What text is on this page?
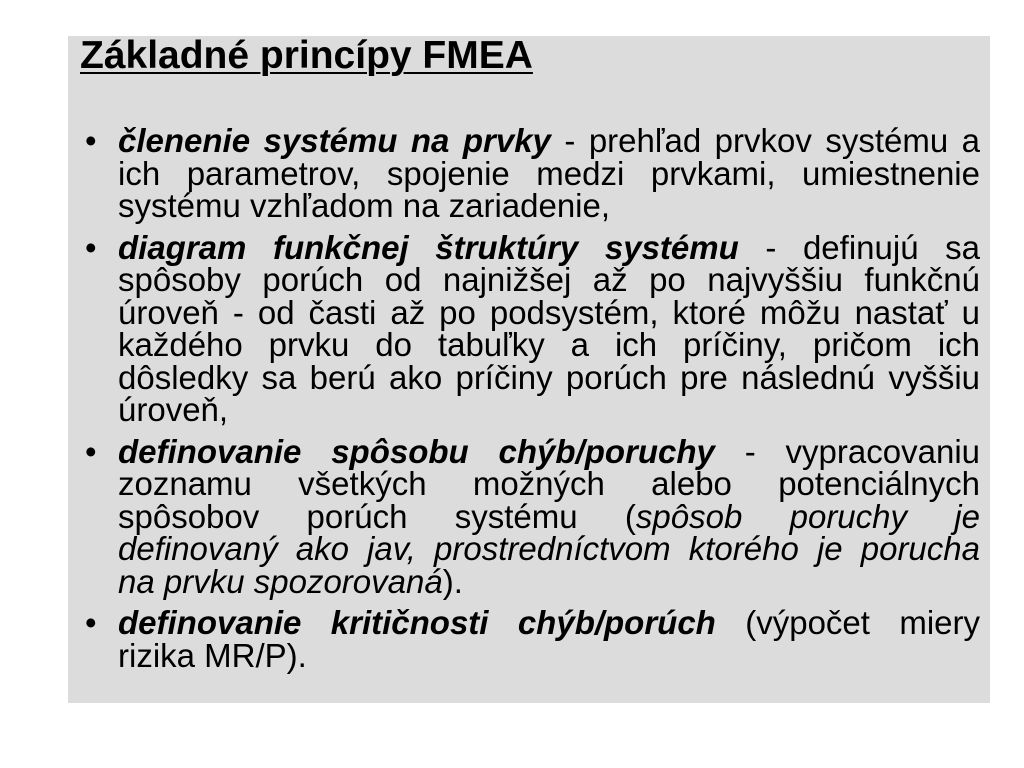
Základné princípy FMEA
• členenie systému na prvky - prehľad prvkov systému a
ich parametrov, spojenie medzi prvkami, umiestnenie
systému vzhľadom na zariadenie,
• diagram funkčnej štruktúry systému - definujú sa
spôsoby porúch od najnižšej až po najvyššiu funkčnú
úroveň - od časti až po podsystém, ktoré môžu nastať u
každého prvku do tabuľky a ich príčiny, pričom ich
dôsledky sa berú ako príčiny porúch pre následnú vyššiu
úroveň,
• definovanie spôsobu chýb/poruchy - vypracovaniu
zoznamu všetkých možných alebo potenciálnych
spôsobov porúch systému (spôsob poruchy je
definovaný ako jav, prostredníctvom ktorého je porucha
na prvku spozorovaná).
• definovanie kritičnosti chýb/porúch (výpočet miery
rizika MR/P).
